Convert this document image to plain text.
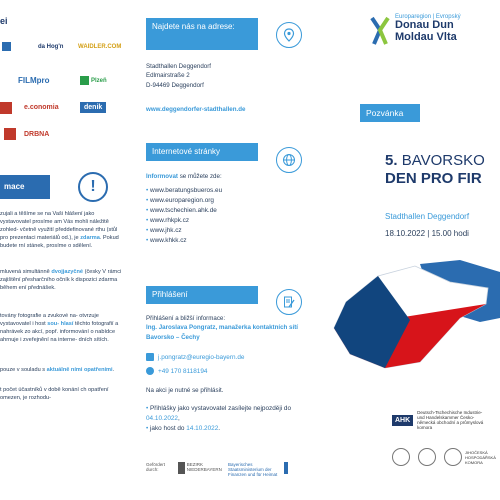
ei
da Hog'n WAIDLER.COM
FILMpro	Plzeň
e.conomia	denik
DRBNA
mace	!
zujali a těšíme se na Vaši hlášení jako vystavovatel prosíme am Vás mohli náležitě zohled- včetně využití předdefinované rthu (stůl pro prezentaci materiálů od.), je zdarma. Pokud budete rní stánek, prosíme o sdělení.
mluvená simultánně dvojjazyčné (česky V rámci zajištění přesharčního očník k dispozici zdarma během ení přednášek.
továny fotografie a zvukové na- otvrzuje vystavovatel i host sou- hlasí těchto fotografií a nahrávek zo akcí, popř. informování o nabídce ahrnuje i zveřejnění na interne- dních sítích.
pouze v souladu s aktuálně ními opatřeními.
t počet účastníků v době konání ch opatření omezen, je rozhodu-
Najdete nás na adrese:
Stadthallen Deggendorf
Edlmairstraße 2
D-94469 Deggendorf
www.deggendorfer-stadthallen.de
Internetové stránky
Informovat se můžete zde:
• www.beratungsbueros.eu
• www.europaregion.org
• www.tschechien.ahk.de
• www.rhkpk.cz
• www.jhk.cz
• www.khkk.cz
Přihlášení
Přihlášení a bližší informace:
Ing. Jaroslava Pongratz, manažerka kontaktních sítí Bavorsko – Čechy
j.pongratz@euregio-bayern.de
+49 170 8118194
Na akci je nutné se přihlásit.
• Přihlášky jako vystavovatel zasílejte nejpozději do 04.10.2022,
• jako host do 14.10.2022.
Gefördert durch:
BEZIRK NIEDERBAYERN
Bayerisches Staatsministerium der Finanzen und für Heimat
Europaregion | Evropský
Donau Dun
Moldau Vlta
Pozvánka
5. BAVORSKO
DEN PRO FIR
Stadthallen Deggendorf
18.10.2022 | 15.00 hodi
AHK
Deutsch-Tschechische Industrie- und Handelskammer Česko-německá obchodní a průmyslová komora
JIHOČESKÁ HOSPODÁŘSKÁ KOMORA
